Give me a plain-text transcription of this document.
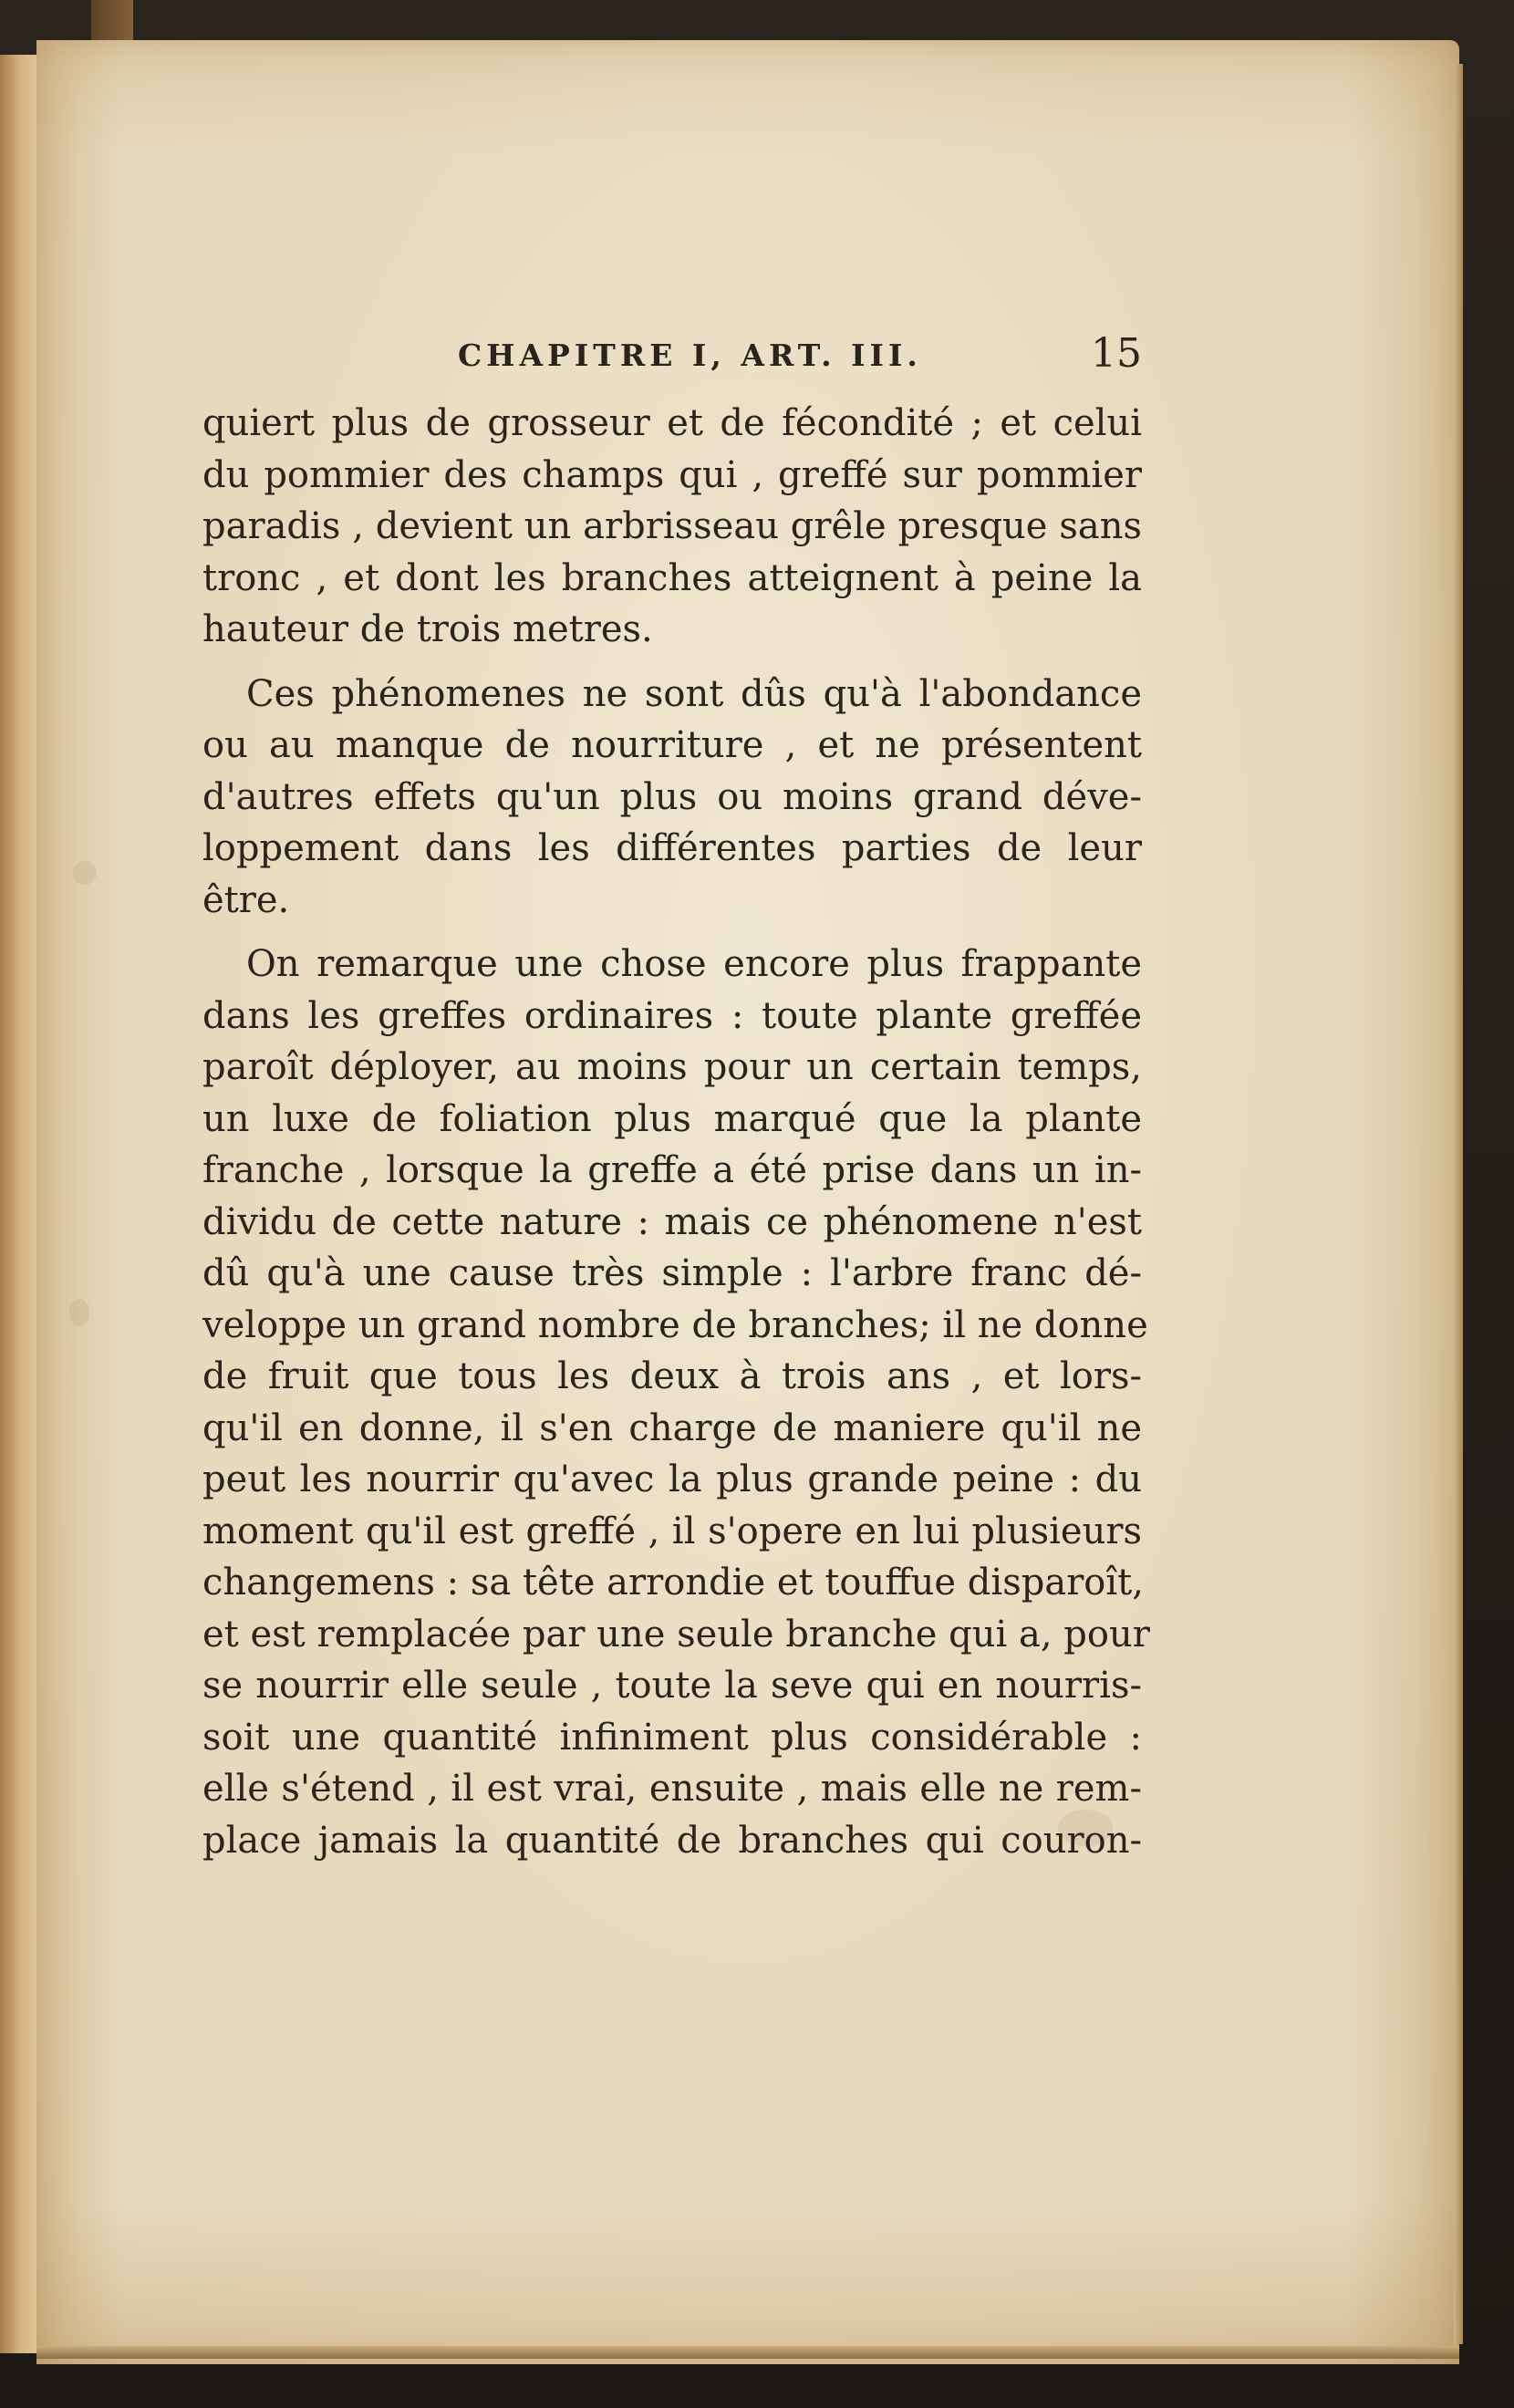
CHAPITRE I, ART. III.	15
quiert plus de grosseur et de fécondité ; et celui
du pommier des champs qui , greffé sur pommier
paradis , devient un arbrisseau grêle presque sans
tronc , et dont les branches atteignent à peine la
hauteur de trois metres.
Ces phénomenes ne sont dûs qu'à l'abondance
ou au manque de nourriture , et ne présentent
d'autres effets qu'un plus ou moins grand déve-
loppement dans les différentes parties de leur
être.
On remarque une chose encore plus frappante
dans les greffes ordinaires : toute plante greffée
paroît déployer, au moins pour un certain temps,
un luxe de foliation plus marqué que la plante
franche , lorsque la greffe a été prise dans un in-
dividu de cette nature : mais ce phénomene n'est
dû qu'à une cause très simple : l'arbre franc dé-
veloppe un grand nombre de branches; il ne donne
de fruit que tous les deux à trois ans , et lors-
qu'il en donne, il s'en charge de maniere qu'il ne
peut les nourrir qu'avec la plus grande peine : du
moment qu'il est greffé , il s'opere en lui plusieurs
changemens : sa tête arrondie et touffue disparoît,
et est remplacée par une seule branche qui a, pour
se nourrir elle seule , toute la seve qui en nourris-
soit une quantité infiniment plus considérable :
elle s'étend , il est vrai, ensuite , mais elle ne rem-
place jamais la quantité de branches qui couron-
